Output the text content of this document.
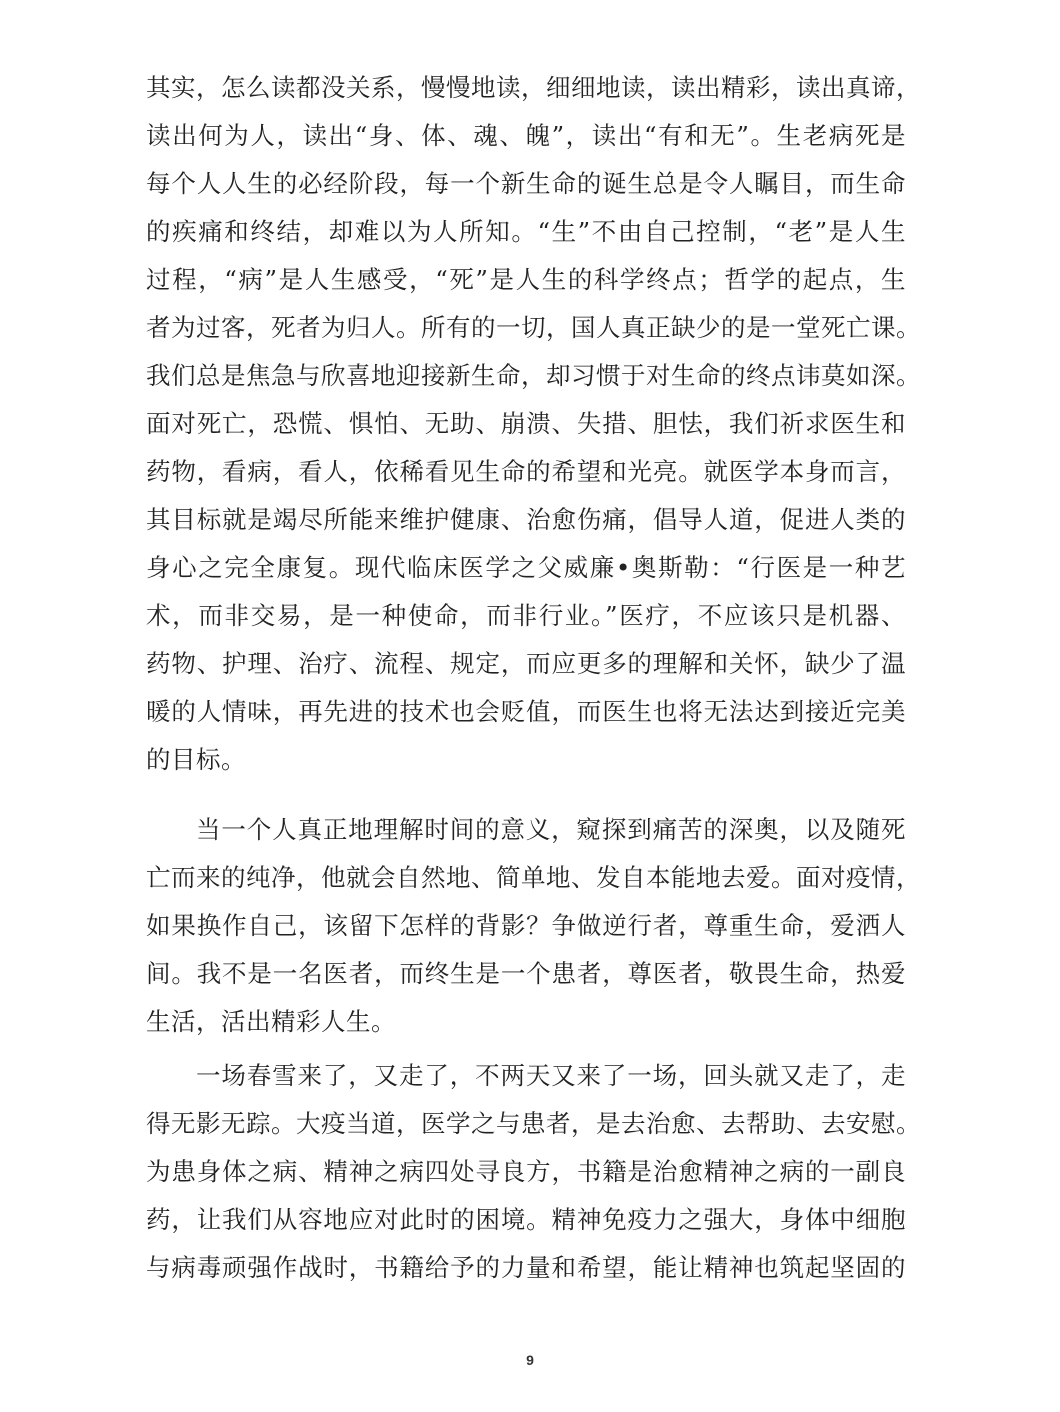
其实，怎么读都没关系，慢慢地读，细细地读，读出精彩，读出真谛，
读出何为人，读出“身、体、魂、魄”，读出“有和无”。生老病死是
每个人人生的必经阶段，每一个新生命的诞生总是令人瞩目，而生命
的疾痛和终结，却难以为人所知。“生”不由自己控制，“老”是人生
过程，“病”是人生感受，“死”是人生的科学终点；哲学的起点，生
者为过客，死者为归人。所有的一切，国人真正缺少的是一堂死亡课。
我们总是焦急与欣喜地迎接新生命，却习惯于对生命的终点讳莫如深。
面对死亡，恐慌、惧怕、无助、崩溃、失措、胆怯，我们祈求医生和
药物，看病，看人，依稀看见生命的希望和光亮。就医学本身而言，
其目标就是竭尽所能来维护健康、治愈伤痛，倡导人道，促进人类的
身心之完全康复。现代临床医学之父威廉•奥斯勒：“行医是一种艺
术，而非交易，是一种使命，而非行业。”医疗，不应该只是机器、
药物、护理、治疗、流程、规定，而应更多的理解和关怀，缺少了温
暖的人情味，再先进的技术也会贬值，而医生也将无法达到接近完美
的目标。
当一个人真正地理解时间的意义，窥探到痛苦的深奥，以及随死
亡而来的纯净，他就会自然地、简单地、发自本能地去爱。面对疫情，
如果换作自己，该留下怎样的背影？争做逆行者，尊重生命，爱洒人
间。我不是一名医者，而终生是一个患者，尊医者，敬畏生命，热爱
生活，活出精彩人生。
一场春雪来了，又走了，不两天又来了一场，回头就又走了，走
得无影无踪。大疫当道，医学之与患者，是去治愈、去帮助、去安慰。
为患身体之病、精神之病四处寻良方，书籍是治愈精神之病的一副良
药，让我们从容地应对此时的困境。精神免疫力之强大，身体中细胞
与病毒顽强作战时，书籍给予的力量和希望，能让精神也筑起坚固的
9
